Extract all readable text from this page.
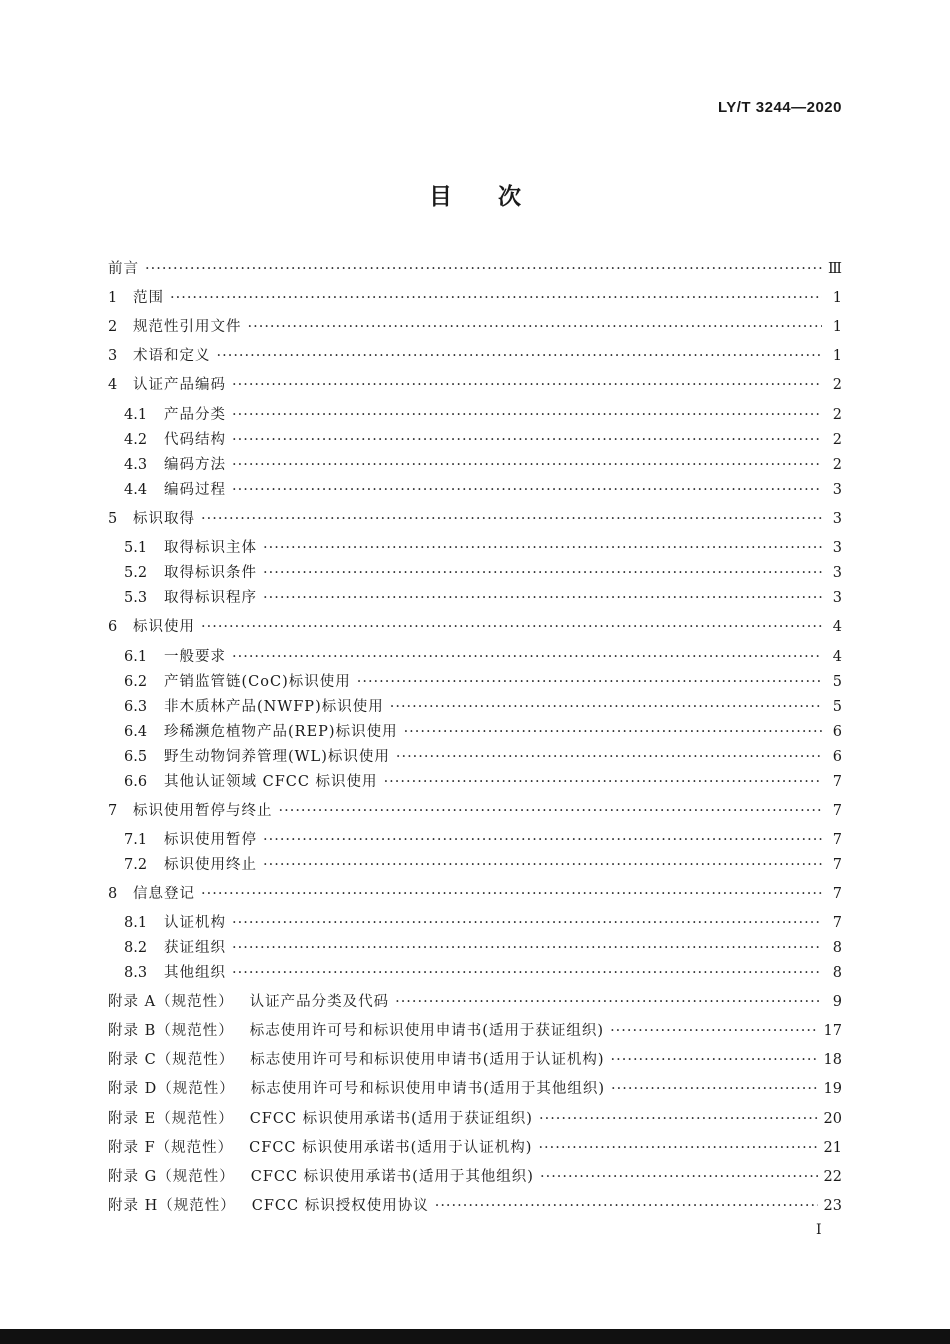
LY/T 3244—2020
目　　次
前言 ·····	Ⅲ
1	范围 ·····	1
2	规范性引用文件 ·····	1
3	术语和定义 ·····	1
4	认证产品编码 ·····	2
4.1	产品分类 ·····	2
4.2	代码结构 ·····	2
4.3	编码方法 ·····	2
4.4	编码过程 ·····	3
5	标识取得 ·····	3
5.1	取得标识主体 ·····	3
5.2	取得标识条件 ·····	3
5.3	取得标识程序 ·····	3
6	标识使用 ·····	4
6.1	一般要求 ·····	4
6.2	产销监管链(CoC)标识使用 ·····	5
6.3	非木质林产品(NWFP)标识使用 ·····	5
6.4	珍稀濒危植物产品(REP)标识使用 ·····	6
6.5	野生动物饲养管理(WL)标识使用 ·····	6
6.6	其他认证领域 CFCC 标识使用 ·····	7
7	标识使用暂停与终止 ·····	7
7.1	标识使用暂停 ·····	7
7.2	标识使用终止 ·····	7
8	信息登记 ·····	7
8.1	认证机构 ·····	7
8.2	获证组织 ·····	8
8.3	其他组织 ·····	8
附录 A（规范性） 认证产品分类及代码 ·····	9
附录 B（规范性） 标志使用许可号和标识使用申请书(适用于获证组织) ·····	17
附录 C（规范性） 标志使用许可号和标识使用申请书(适用于认证机构) ·····	18
附录 D（规范性） 标志使用许可号和标识使用申请书(适用于其他组织) ·····	19
附录 E（规范性） CFCC 标识使用承诺书(适用于获证组织) ·····	20
附录 F（规范性） CFCC 标识使用承诺书(适用于认证机构) ·····	21
附录 G（规范性） CFCC 标识使用承诺书(适用于其他组织) ·····	22
附录 H（规范性） CFCC 标识授权使用协议 ·····	23
I
